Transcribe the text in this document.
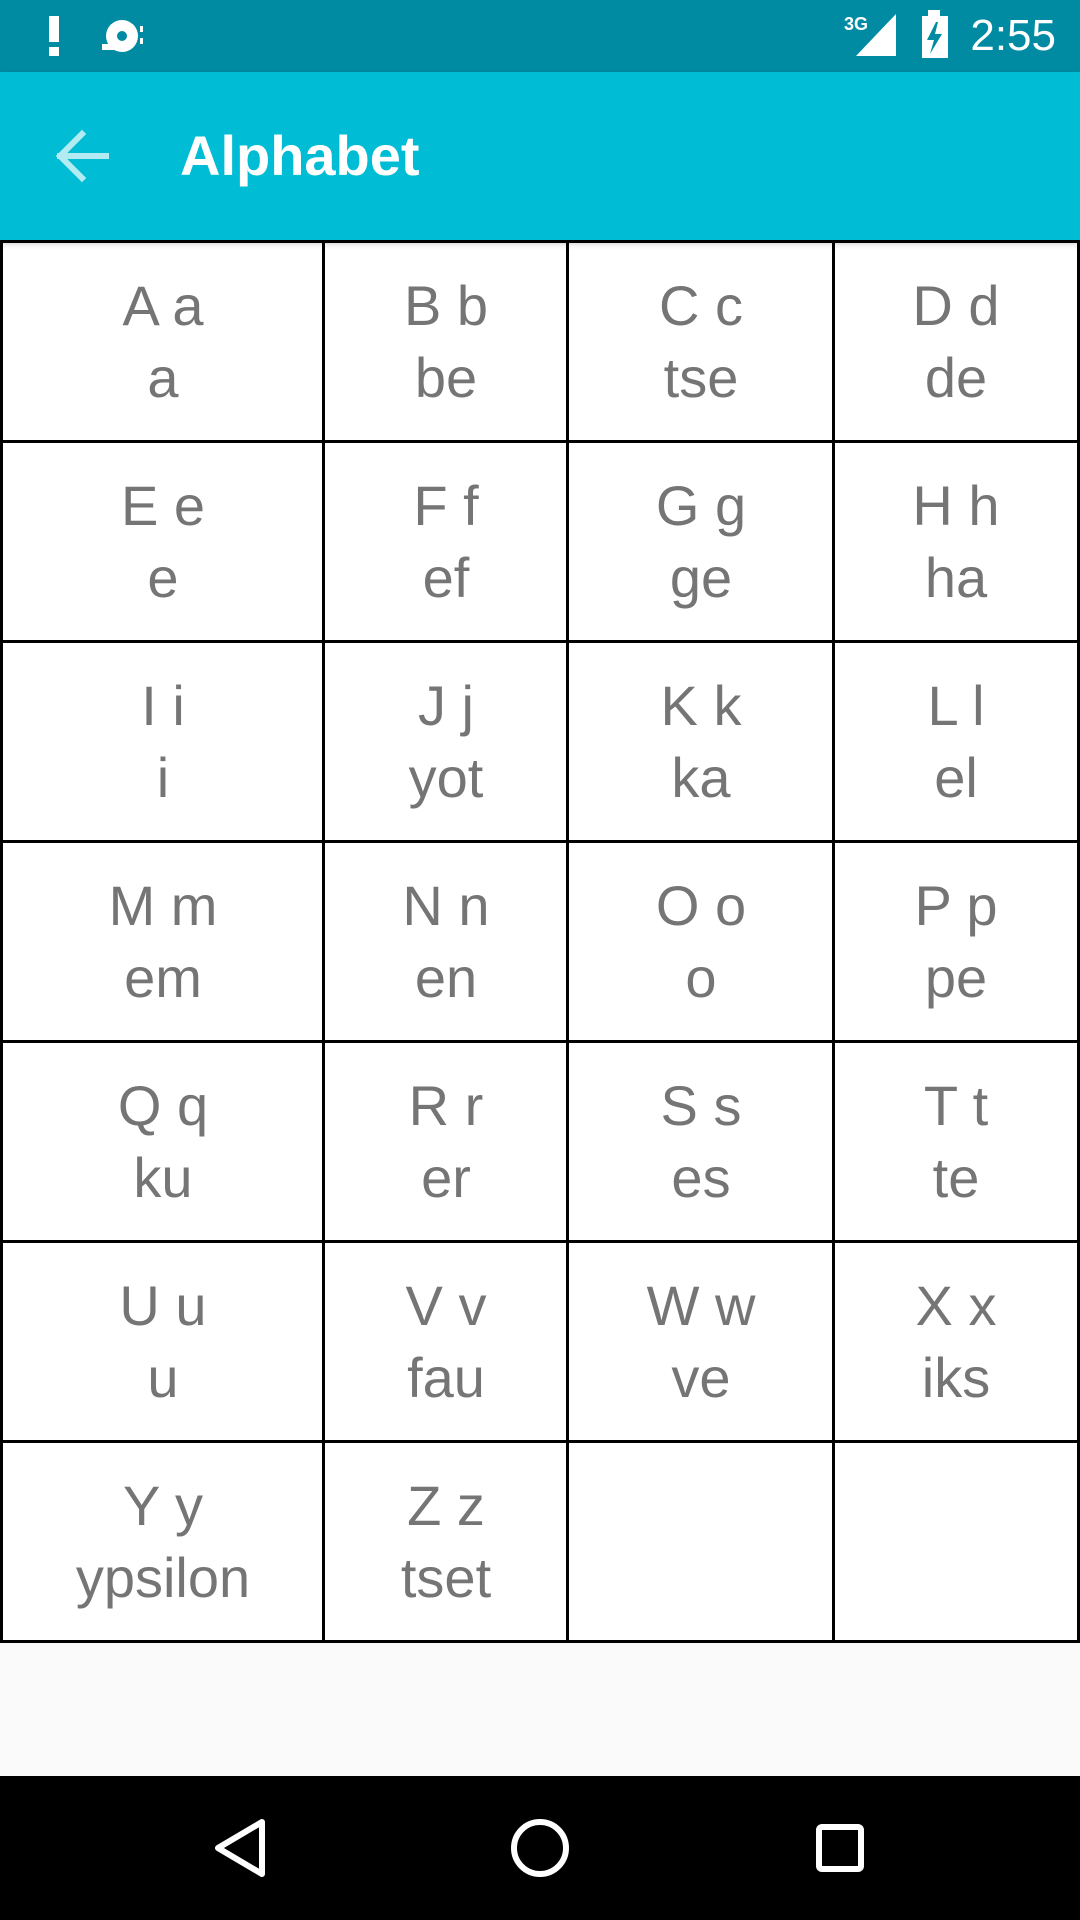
3G 2:55
Alphabet
A a
a
B b
be
C c
tse
D d
de
E e
e
F f
ef
G g
ge
H h
ha
I i
i
J j
yot
K k
ka
L l
el
M m
em
N n
en
O o
o
P p
pe
Q q
ku
R r
er
S s
es
T t
te
U u
u
V v
fau
W w
ve
X x
iks
Y y
ypsilon
Z z
tset
